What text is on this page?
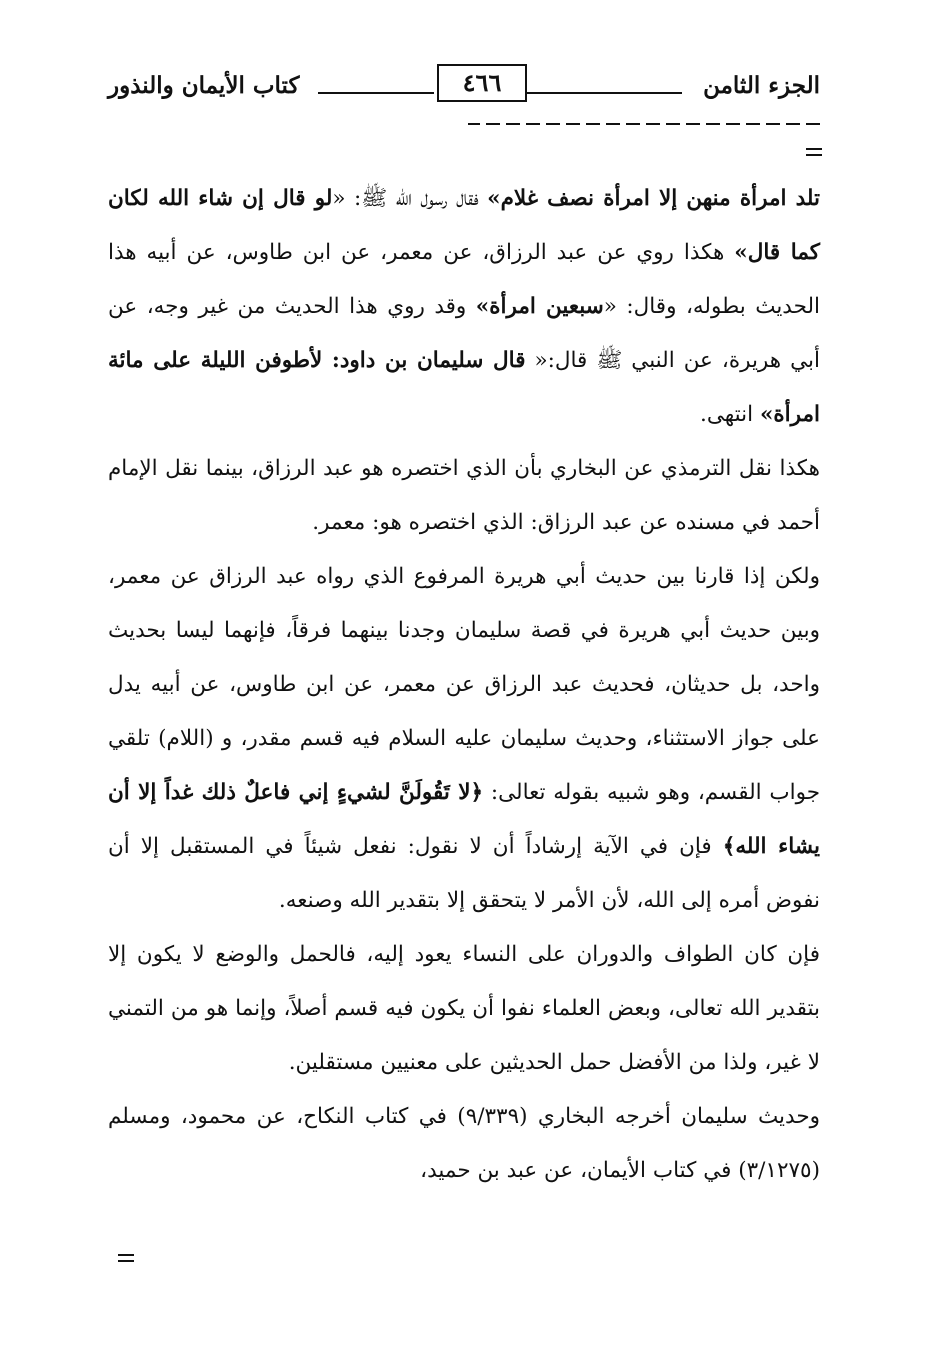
الجزء الثامن
٤٦٦
كتاب الأيمان والنذور

تلد امرأة منهن إلا امرأة نصف غلام» فقال رسول الله ﷺ: «لو قال إن شاء الله لكان كما قال» هكذا روي عن عبد الرزاق، عن معمر، عن ابن طاوس، عن أبيه هذا الحديث بطوله، وقال: «سبعين امرأة» وقد روي هذا الحديث من غير وجه، عن أبي هريرة، عن النبي ﷺ قال:« قال سليمان بن داود: لأطوفن الليلة على مائة امرأة» انتهى.

هكذا نقل الترمذي عن البخاري بأن الذي اختصره هو عبد الرزاق، بينما نقل الإمام أحمد في مسنده عن عبد الرزاق: الذي اختصره هو: معمر.

ولكن إذا قارنا بين حديث أبي هريرة المرفوع الذي رواه عبد الرزاق عن معمر، وبين حديث أبي هريرة في قصة سليمان وجدنا بينهما فرقاً، فإنهما ليسا بحديث واحد، بل حديثان، فحديث عبد الرزاق عن معمر، عن ابن طاوس، عن أبيه يدل على جواز الاستثناء، وحديث سليمان عليه السلام فيه قسم مقدر، و (اللام) تلقي جواب القسم، وهو شبيه بقوله تعالى: ﴿لا تَقُولَنَّ لشيءٍ إني فاعلٌ ذلك غداً إلا أن يشاء الله﴾ فإن في الآية إرشاداً أن لا نقول: نفعل شيئاً في المستقبل إلا أن نفوض أمره إلى الله، لأن الأمر لا يتحقق إلا بتقدير الله وصنعه.

فإن كان الطواف والدوران على النساء يعود إليه، فالحمل والوضع لا يكون إلا بتقدير الله تعالى، وبعض العلماء نفوا أن يكون فيه قسم أصلاً، وإنما هو من التمني لا غير، ولذا من الأفضل حمل الحديثين على معنيين مستقلين.

وحديث سليمان أخرجه البخاري (٩/٣٣٩) في كتاب النكاح، عن محمود، ومسلم (٣/١٢٧٥) في كتاب الأيمان، عن عبد بن حميد،
